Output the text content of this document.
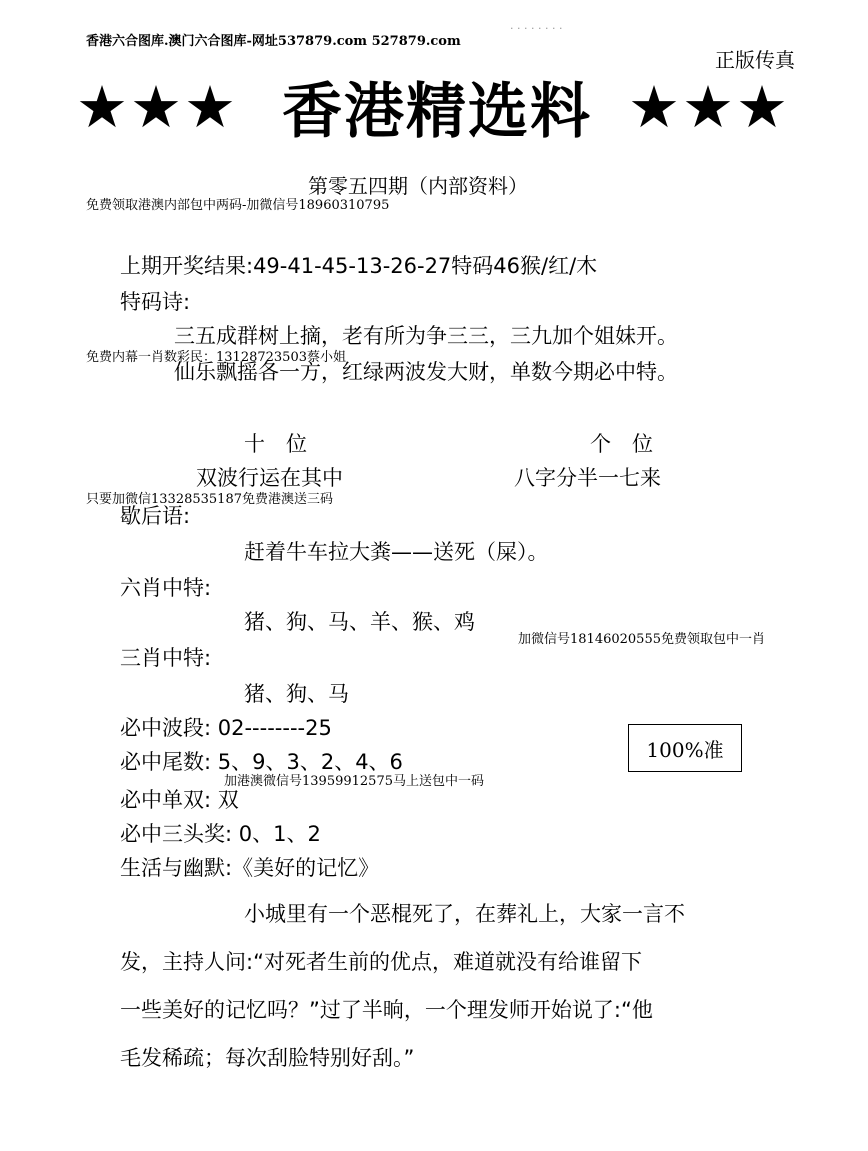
香港六合图库.澳门六合图库-网址537879.com 527879.com
· · · · · · · ·
正版传真
★★★ 香港精选料 ★★★
第零五四期（内部资料）
免费领取港澳内部包中两码-加微信号18960310795
上期开奖结果:49-41-45-13-26-27特码46猴/红/木
特码诗:
三五成群树上摘，老有所为争三三，三九加个姐妹开。
免费内幕一肖数彩民：13128723503蔡小姐
仙乐飘摇各一方，红绿两波发大财，单数今期必中特。
十　位	个　位
双波行运在其中	八字分半一七来
只要加微信13328535187免费港澳送三码
歇后语:
赶着牛车拉大粪——送死（屎）。
六肖中特:
猪、狗、马、羊、猴、鸡
加微信号18146020555免费领取包中一肖
三肖中特:
猪、狗、马
必中波段: 02--------25
100%准
必中尾数: 5、9、3、2、4、6
加港澳微信号13959912575马上送包中一码
必中单双: 双
必中三头奖: 0、1、2
生活与幽默:《美好的记忆》
小城里有一个恶棍死了，在葬礼上，大家一言不
发，主持人问:“对死者生前的优点，难道就没有给谁留下
一些美好的记忆吗？”过了半晌，一个理发师开始说了:“他
毛发稀疏；每次刮脸特别好刮。”
